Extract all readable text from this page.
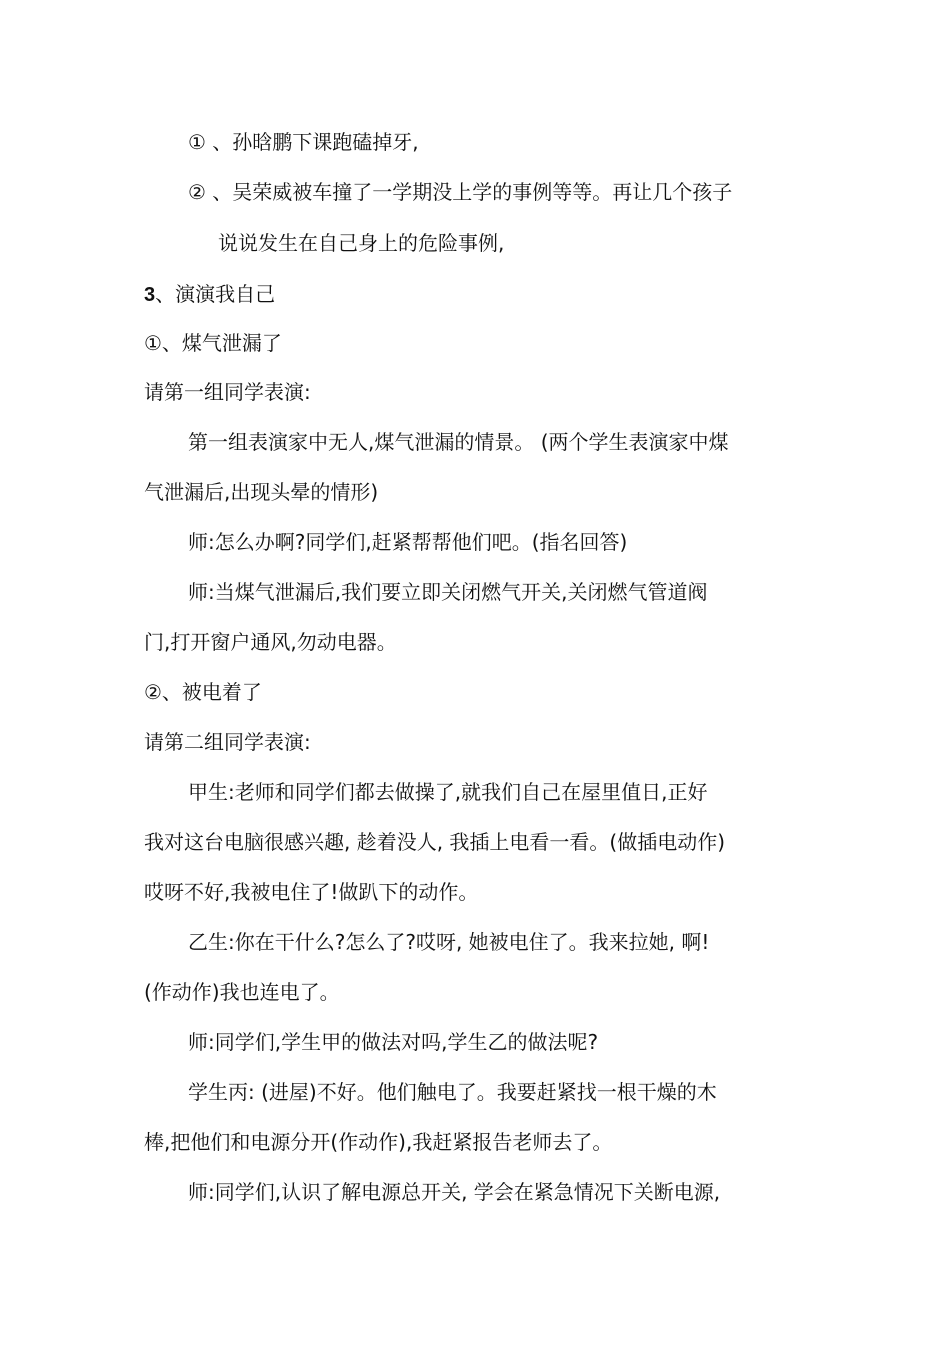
① 、孙晗鹏下课跑磕掉牙,
② 、吴荣威被车撞了一学期没上学的事例等等。再让几个孩子
说说发生在自己身上的危险事例,
3、演演我自己
①、煤气泄漏了
请第一组同学表演:
第一组表演家中无人,煤气泄漏的情景。 (两个学生表演家中煤
气泄漏后,出现头晕的情形)
师:怎么办啊?同学们,赶紧帮帮他们吧。(指名回答)
师:当煤气泄漏后,我们要立即关闭燃气开关,关闭燃气管道阀
门,打开窗户通风,勿动电器。
②、被电着了
请第二组同学表演:
甲生:老师和同学们都去做操了,就我们自己在屋里值日,正好
我对这台电脑很感兴趣, 趁着没人, 我插上电看一看。(做插电动作)
哎呀不好,我被电住了!做趴下的动作。
乙生:你在干什么?怎么了?哎呀, 她被电住了。我来拉她, 啊!
(作动作)我也连电了。
师:同学们,学生甲的做法对吗,学生乙的做法呢?
学生丙: (进屋)不好。他们触电了。我要赶紧找一根干燥的木
棒,把他们和电源分开(作动作),我赶紧报告老师去了。
师:同学们,认识了解电源总开关, 学会在紧急情况下关断电源,
